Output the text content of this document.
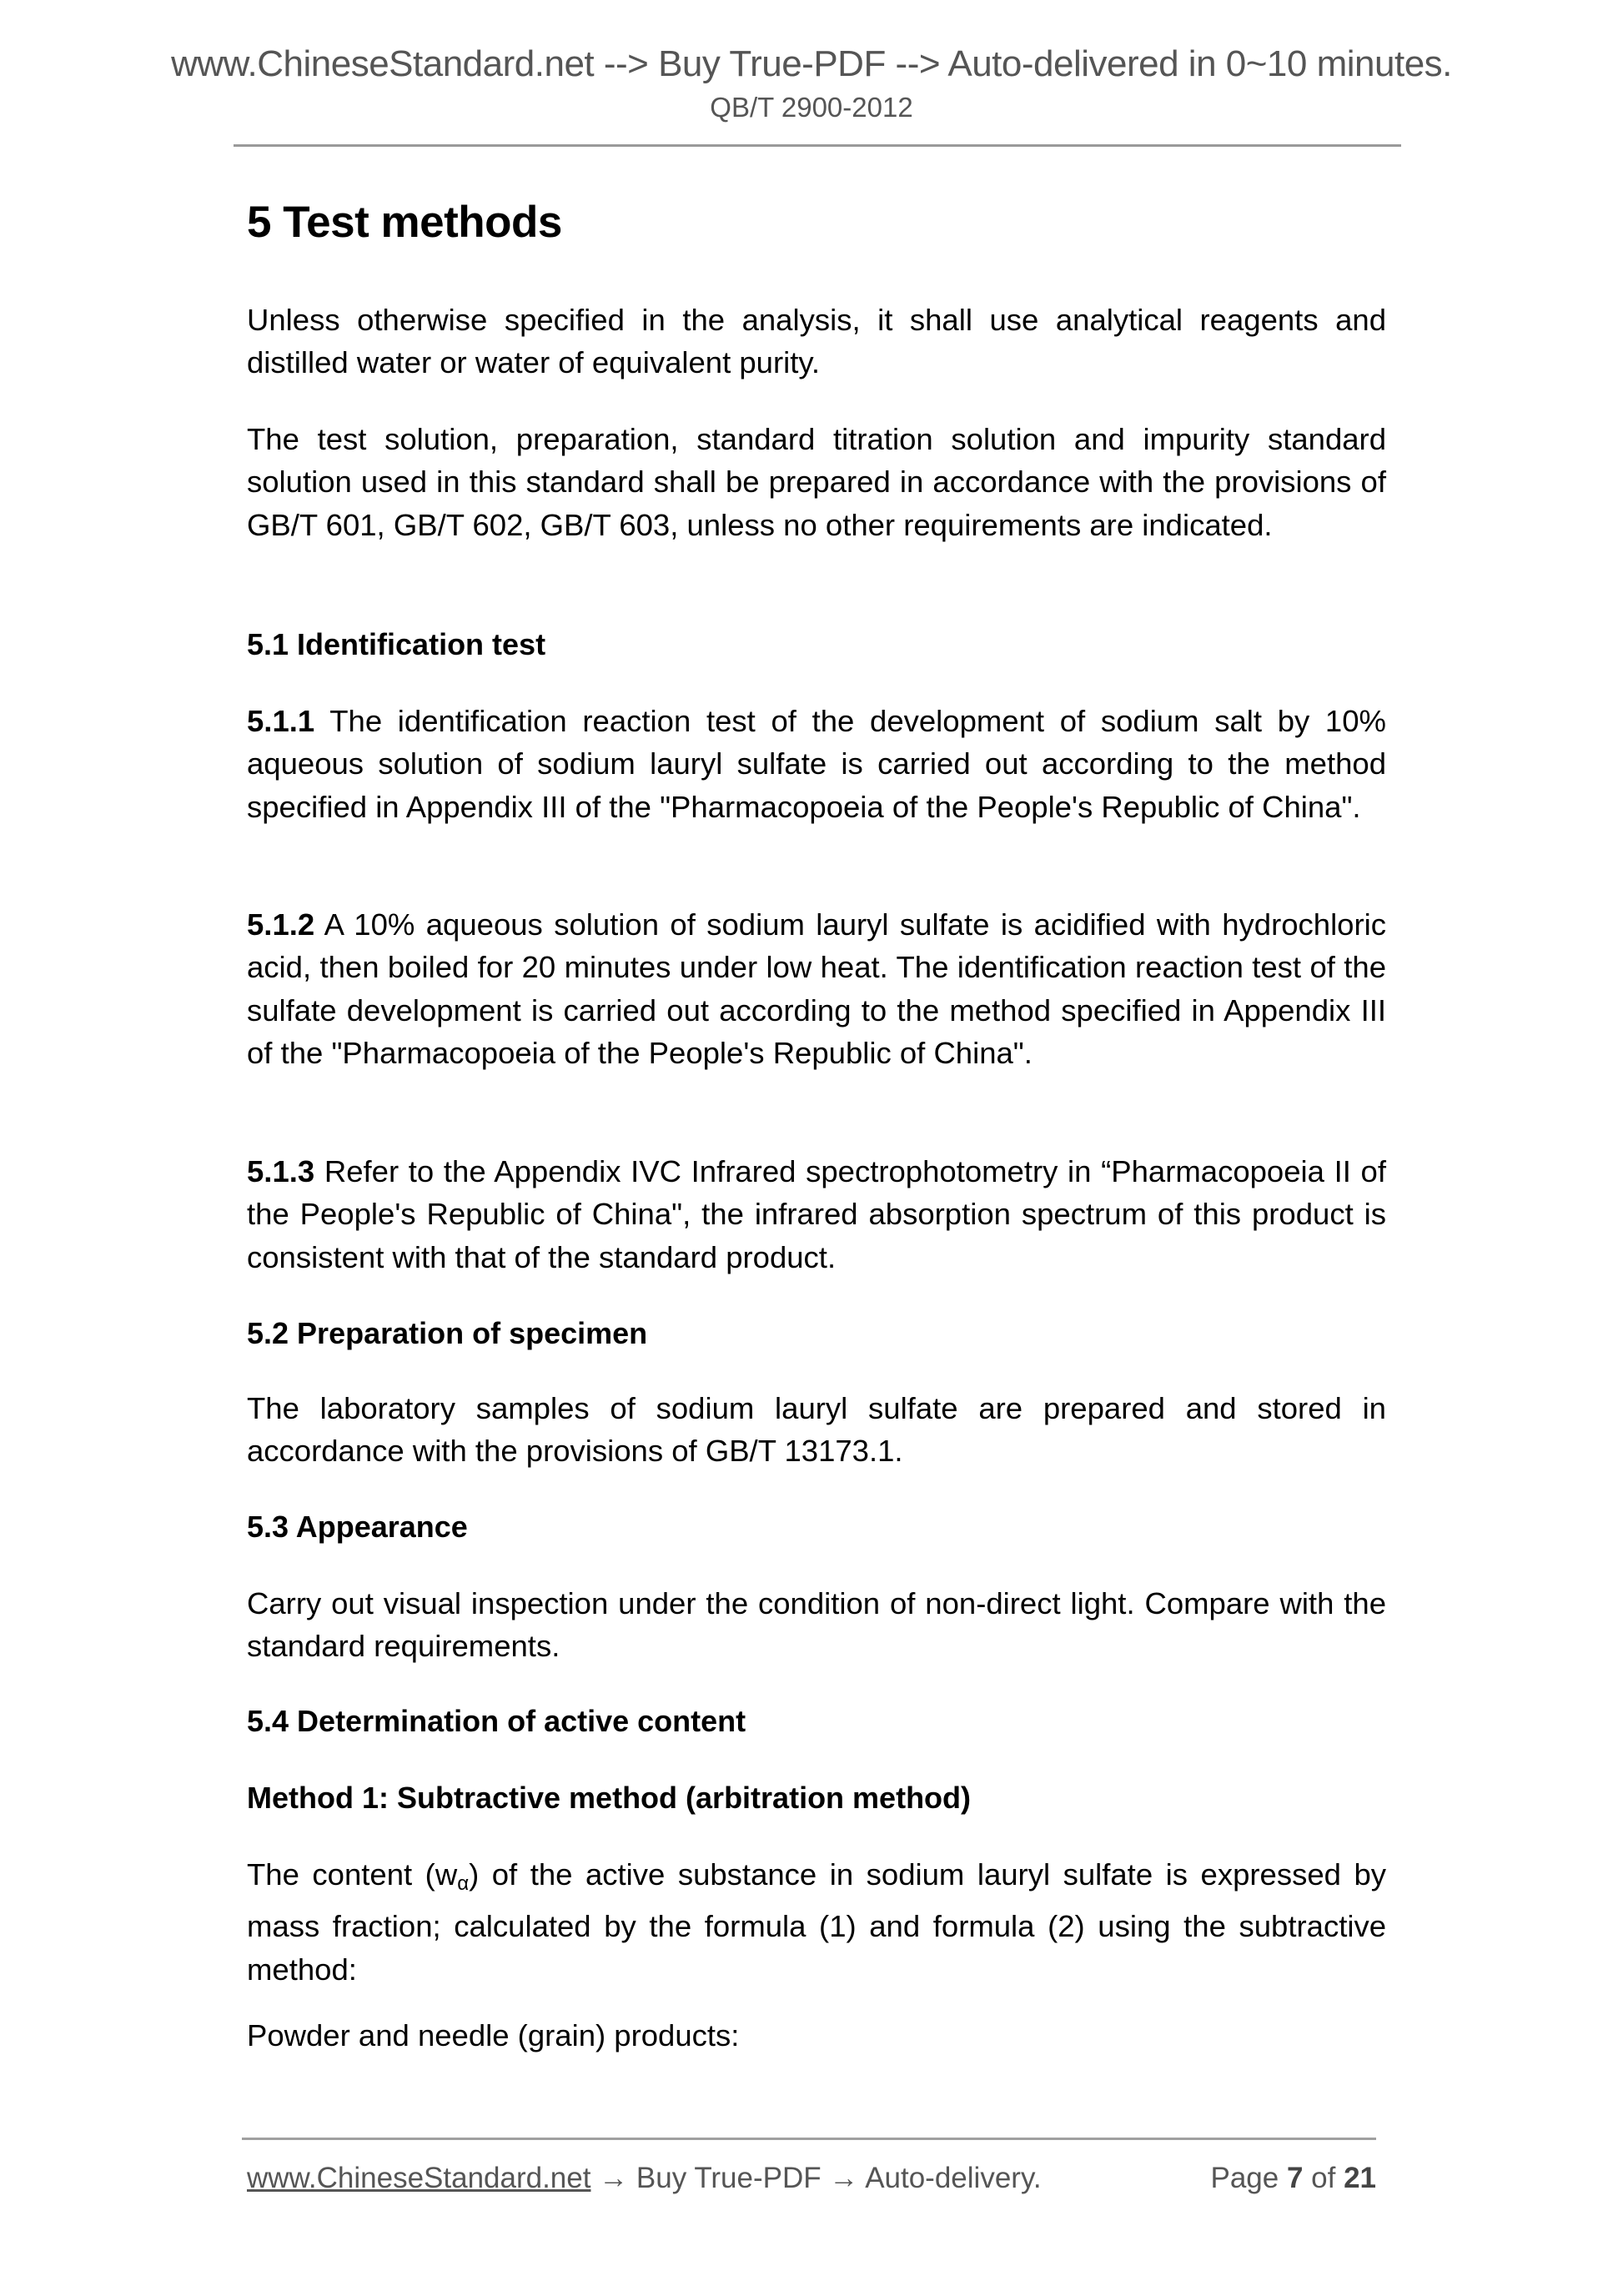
www.ChineseStandard.net --> Buy True-PDF --> Auto-delivered in 0~10 minutes.
QB/T 2900-2012
5 Test methods
Unless otherwise specified in the analysis, it shall use analytical reagents and distilled water or water of equivalent purity.
The test solution, preparation, standard titration solution and impurity standard solution used in this standard shall be prepared in accordance with the provisions of GB/T 601, GB/T 602, GB/T 603, unless no other requirements are indicated.
5.1 Identification test
5.1.1 The identification reaction test of the development of sodium salt by 10% aqueous solution of sodium lauryl sulfate is carried out according to the method specified in Appendix III of the "Pharmacopoeia of the People's Republic of China".
5.1.2 A 10% aqueous solution of sodium lauryl sulfate is acidified with hydrochloric acid, then boiled for 20 minutes under low heat. The identification reaction test of the sulfate development is carried out according to the method specified in Appendix III of the "Pharmacopoeia of the People's Republic of China".
5.1.3 Refer to the Appendix IVC Infrared spectrophotometry in “Pharmacopoeia II of the People's Republic of China", the infrared absorption spectrum of this product is consistent with that of the standard product.
5.2 Preparation of specimen
The laboratory samples of sodium lauryl sulfate are prepared and stored in accordance with the provisions of GB/T 13173.1.
5.3 Appearance
Carry out visual inspection under the condition of non-direct light. Compare with the standard requirements.
5.4 Determination of active content
Method 1: Subtractive method (arbitration method)
The content $(w_\alpha)$ of the active substance in sodium lauryl sulfate is expressed by mass fraction; calculated by the formula (1) and formula (2) using the subtractive method:
Powder and needle (grain) products:
www.ChineseStandard.net → Buy True-PDF → Auto-delivery.	Page 7 of 21
